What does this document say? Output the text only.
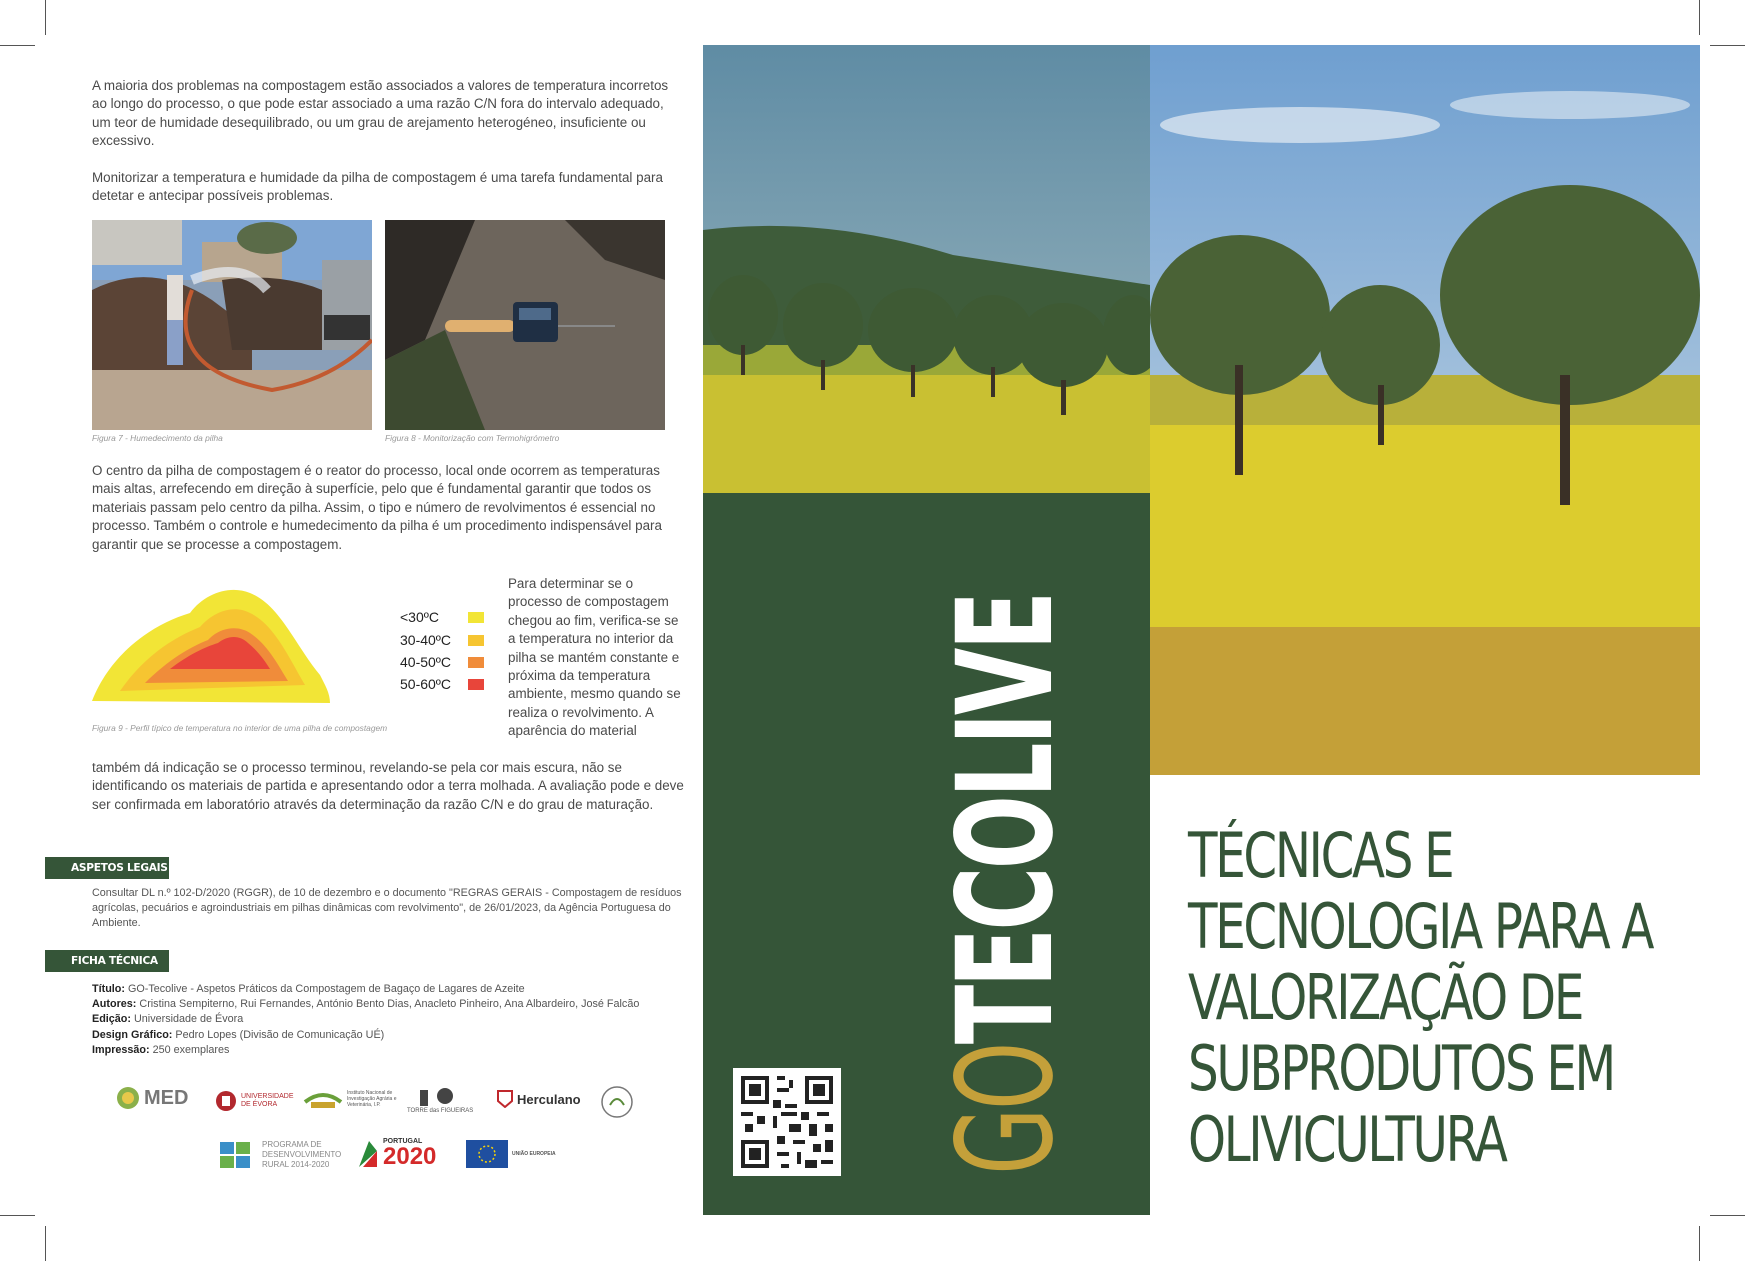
A maioria dos problemas na compostagem estão associados a valores de temperatura incorretos ao longo do processo, o que pode estar associado a uma razão C/N fora do intervalo adequado, um teor de humidade desequilibrado, ou um grau de arejamento heterogéneo, insuficiente ou excessivo.

Monitorizar a temperatura e humidade da pilha de compostagem é uma tarefa fundamental para detetar e antecipar possíveis problemas.

Figura 7 - Humedecimento da pilha	Figura 8 - Monitorização com Termohigrómetro

O centro da pilha de compostagem é o reator do processo, local onde ocorrem as temperaturas mais altas, arrefecendo em direção à superfície, pelo que é fundamental garantir que todos os materiais passam pelo centro da pilha. Assim, o tipo e número de revolvimentos é essencial no processo. Também o controle e humedecimento da pilha é um procedimento indispensável para garantir que se processe a compostagem.

<30ºC
30-40ºC
40-50ºC
50-60ºC
Figura 9 - Perfil típico de temperatura no interior de uma pilha de compostagem

Para determinar se o processo de compostagem chegou ao fim, verifica-se se a temperatura no interior da pilha se mantém constante e próxima da temperatura ambiente, mesmo quando se realiza o revolvimento. A aparência do material

também dá indicação se o processo terminou, revelando-se pela cor mais escura, não se identificando os materiais de partida e apresentando odor a terra molhada. A avaliação pode e deve ser confirmada em laboratório através da determinação da razão C/N e do grau de maturação.

ASPETOS LEGAIS
Consultar DL n.º 102-D/2020 (RGGR), de 10 de dezembro e o documento "REGRAS GERAIS - Compostagem de resíduos agrícolas, pecuários e agroindustriais em pilhas dinâmicas com revolvimento", de 26/01/2023, da Agência Portuguesa do Ambiente.
FICHA TÉCNICA
Título: GO-Tecolive - Aspetos Práticos da Compostagem de Bagaço de Lagares de Azeite
Autores: Cristina Sempiterno, Rui Fernandes, António Bento Dias, Anacleto Pinheiro, Ana Albardeiro, José Falcão
Edição: Universidade de Évora
Design Gráfico: Pedro Lopes (Divisão de Comunicação UÉ)
Impressão: 250 exemplares
MED	UNIVERSIDADE DE ÉVORA
Instituto Nacional de Investigação Agrária e Veterinária, I.P.
TORRE das FIGUEIRAS
Herculano
PROGRAMA DE DESENVOLVIMENTO RURAL 2014-2020
PORTUGAL
2020	UNIÃO EUROPEIA	GOTECOLIVE TÉCNICAS E
TECNOLOGIA PARA A
VALORIZAÇÃO DE
SUBPRODUTOS EM
OLIVICULTURA
